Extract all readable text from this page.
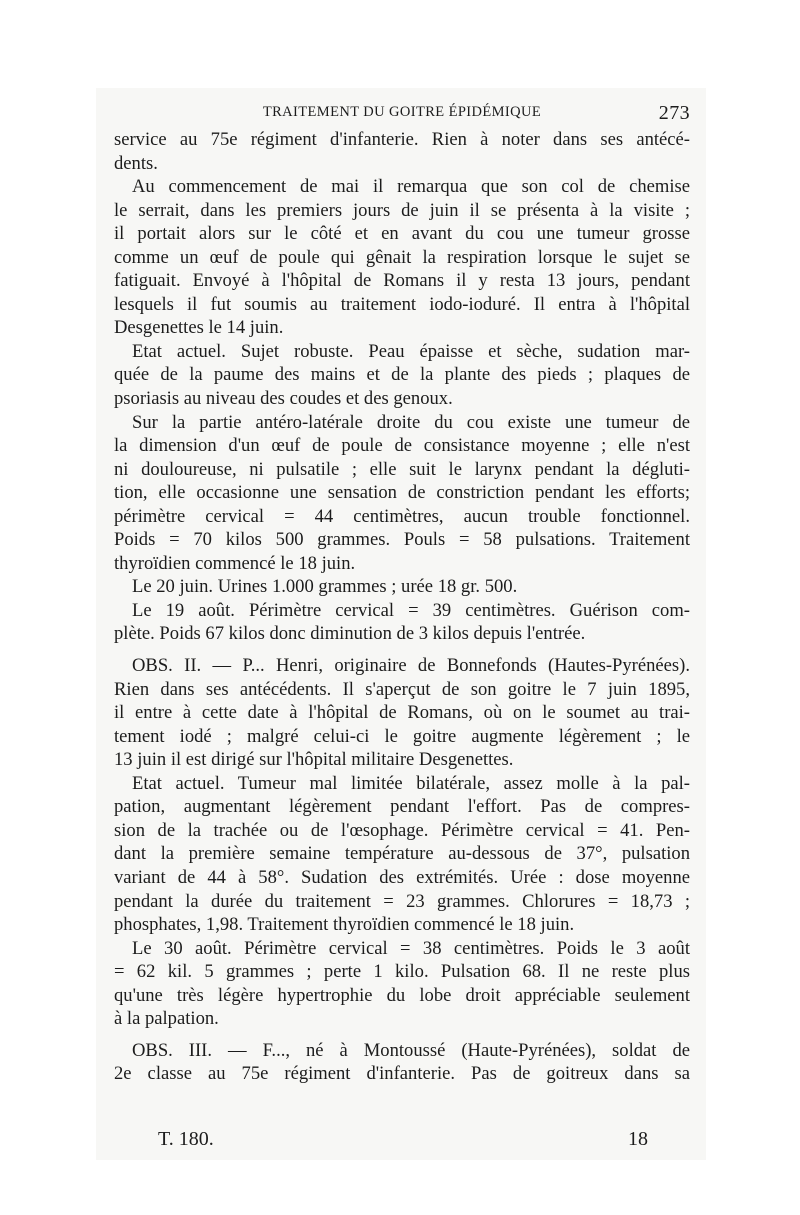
TRAITEMENT DU GOITRE ÉPIDÉMIQUE	273
service au 75e régiment d'infanterie. Rien à noter dans ses antécé-
dents.
Au commencement de mai il remarqua que son col de chemise
le serrait, dans les premiers jours de juin il se présenta à la visite ;
il portait alors sur le côté et en avant du cou une tumeur grosse
comme un œuf de poule qui gênait la respiration lorsque le sujet se
fatiguait. Envoyé à l'hôpital de Romans il y resta 13 jours, pendant
lesquels il fut soumis au traitement iodo-ioduré. Il entra à l'hôpital
Desgenettes le 14 juin.
Etat actuel. Sujet robuste. Peau épaisse et sèche, sudation mar-
quée de la paume des mains et de la plante des pieds ; plaques de
psoriasis au niveau des coudes et des genoux.
Sur la partie antéro-latérale droite du cou existe une tumeur de
la dimension d'un œuf de poule de consistance moyenne ; elle n'est
ni douloureuse, ni pulsatile ; elle suit le larynx pendant la dégluti-
tion, elle occasionne une sensation de constriction pendant les efforts;
périmètre cervical = 44 centimètres, aucun trouble fonctionnel.
Poids = 70 kilos 500 grammes. Pouls = 58 pulsations. Traitement
thyroïdien commencé le 18 juin.
Le 20 juin. Urines 1.000 grammes ; urée 18 gr. 500.
Le 19 août. Périmètre cervical = 39 centimètres. Guérison com-
plète. Poids 67 kilos donc diminution de 3 kilos depuis l'entrée.
OBS. II. — P... Henri, originaire de Bonnefonds (Hautes-Pyrénées).
Rien dans ses antécédents. Il s'aperçut de son goitre le 7 juin 1895,
il entre à cette date à l'hôpital de Romans, où on le soumet au trai-
tement iodé ; malgré celui-ci le goitre augmente légèrement ; le
13 juin il est dirigé sur l'hôpital militaire Desgenettes.
Etat actuel. Tumeur mal limitée bilatérale, assez molle à la pal-
pation, augmentant légèrement pendant l'effort. Pas de compres-
sion de la trachée ou de l'œsophage. Périmètre cervical = 41. Pen-
dant la première semaine température au-dessous de 37°, pulsation
variant de 44 à 58°. Sudation des extrémités. Urée : dose moyenne
pendant la durée du traitement = 23 grammes. Chlorures = 18,73 ;
phosphates, 1,98. Traitement thyroïdien commencé le 18 juin.
Le 30 août. Périmètre cervical = 38 centimètres. Poids le 3 août
= 62 kil. 5 grammes ; perte 1 kilo. Pulsation 68. Il ne reste plus
qu'une très légère hypertrophie du lobe droit appréciable seulement
à la palpation.
OBS. III. — F..., né à Montoussé (Haute-Pyrénées), soldat de
2e classe au 75e régiment d'infanterie. Pas de goitreux dans sa
T. 180.	18
